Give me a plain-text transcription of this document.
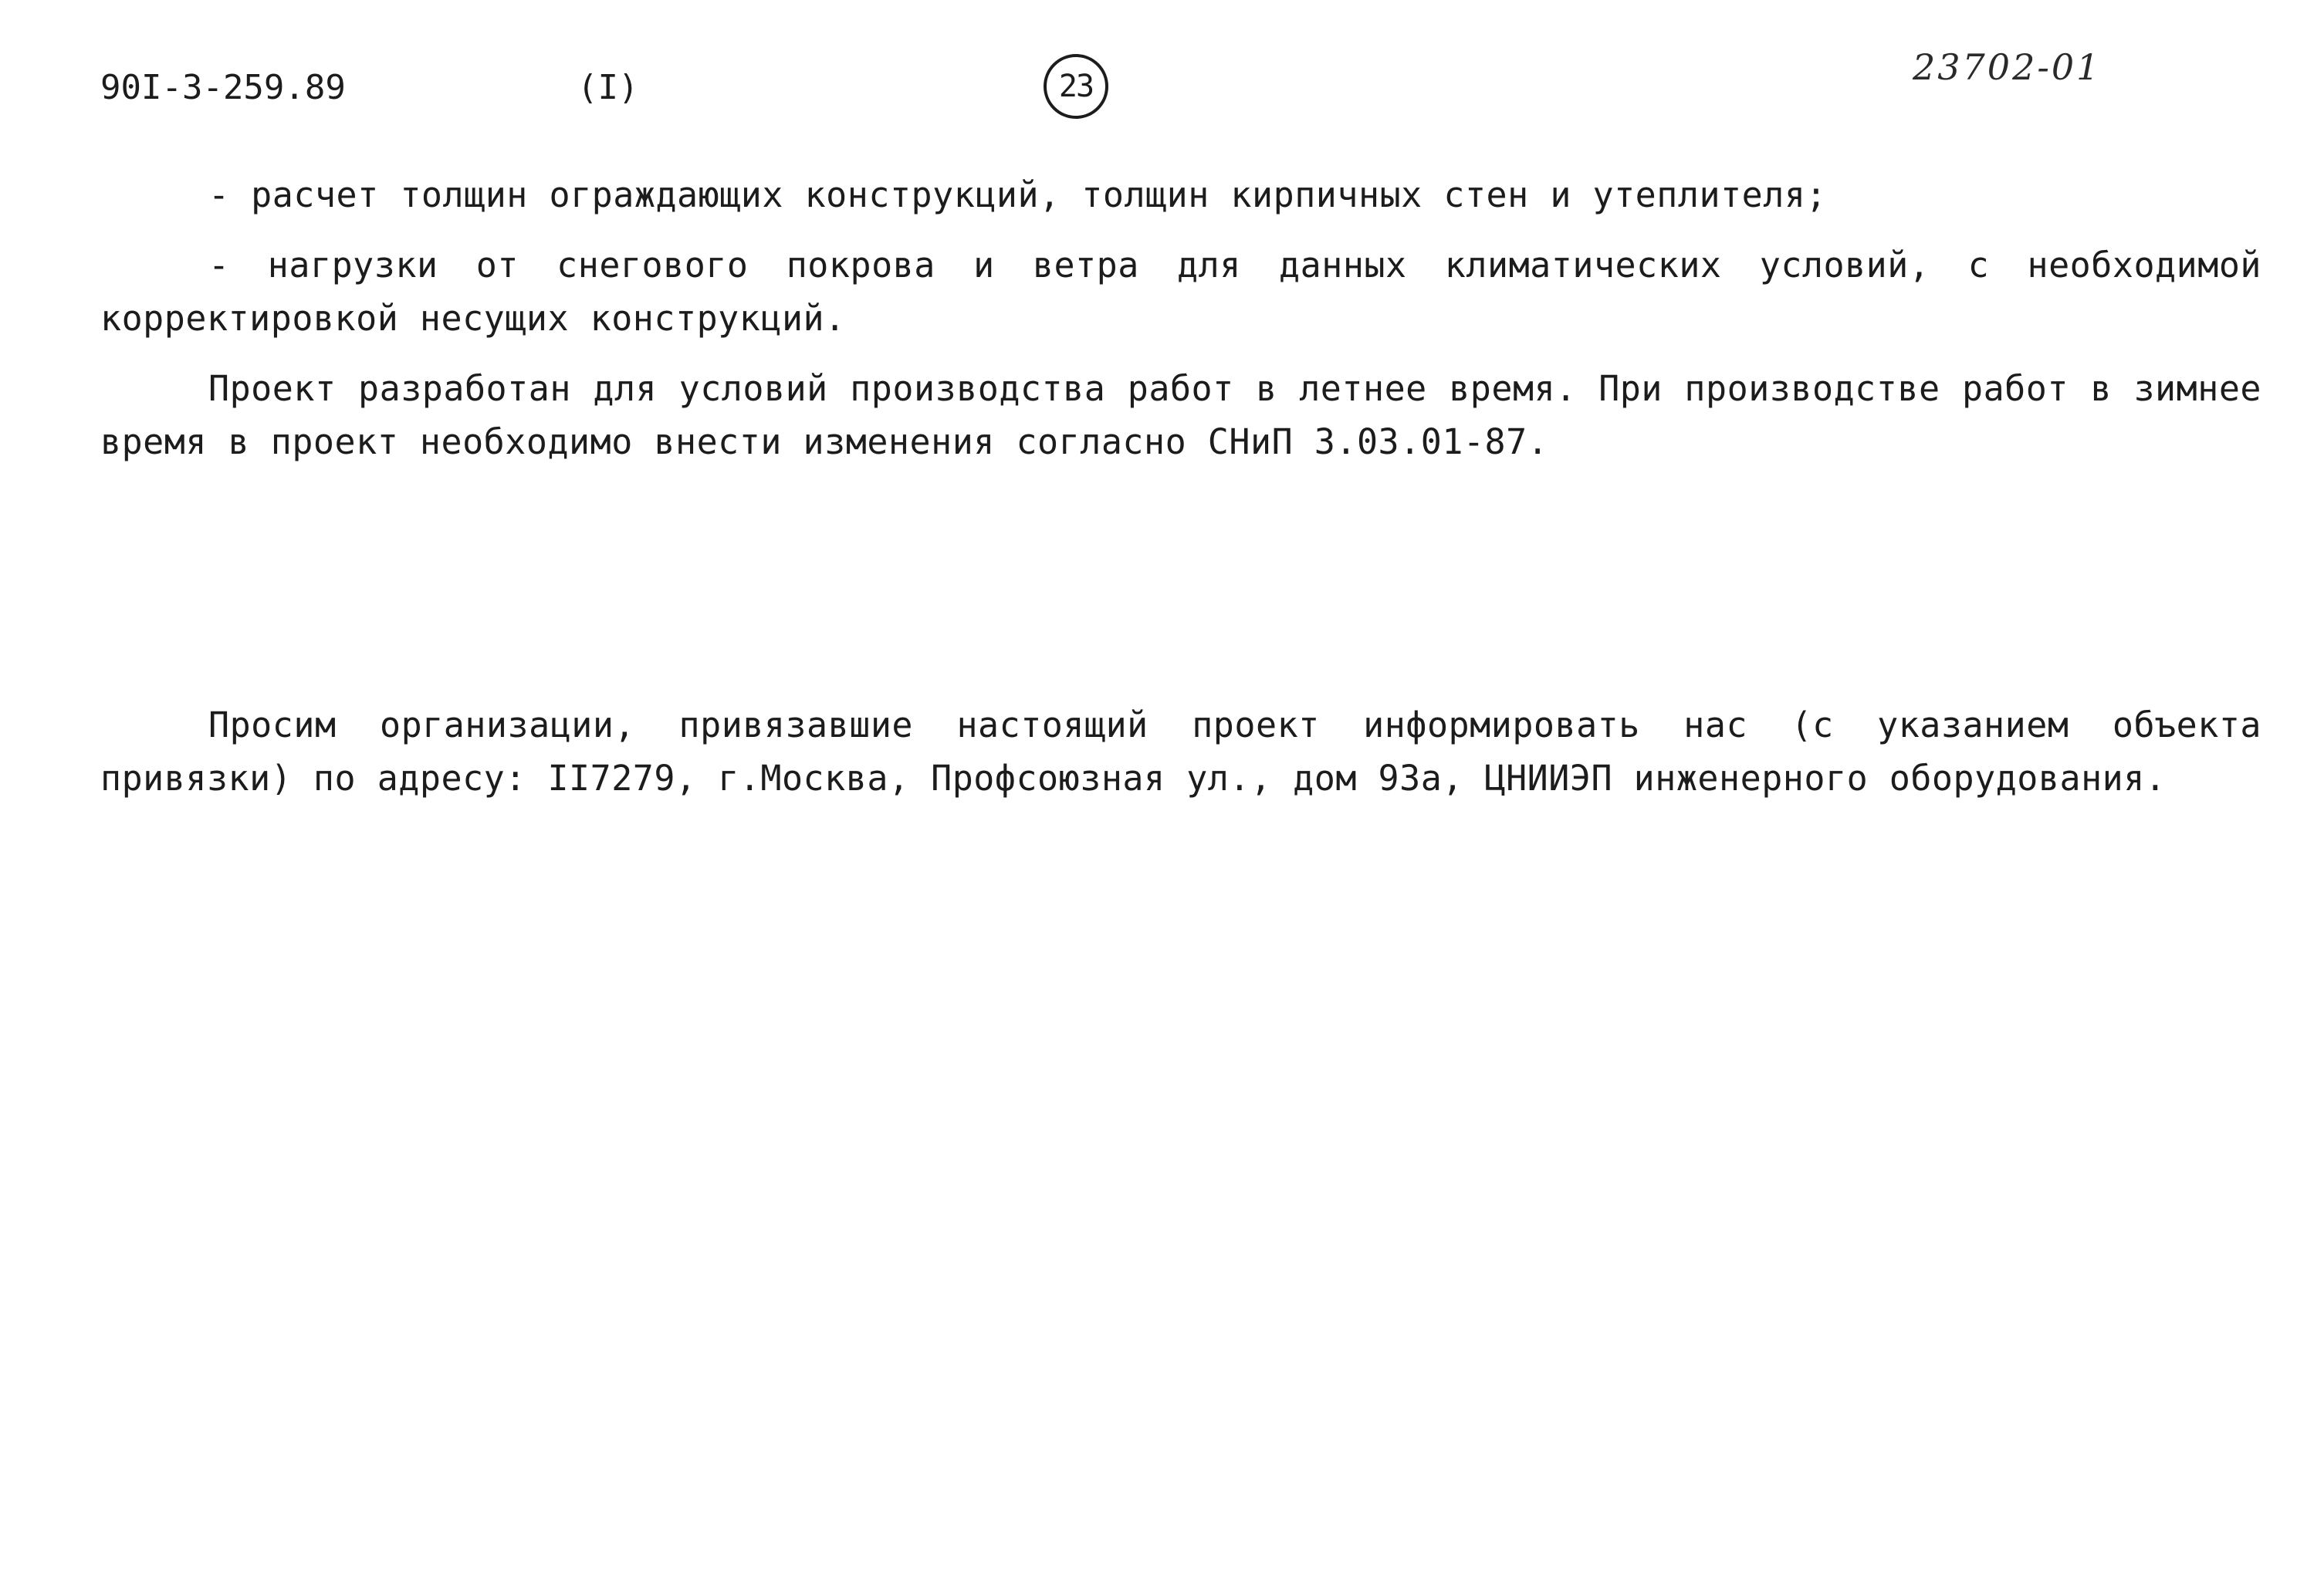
90I-3-259.89	(I)	23	23702-01

- расчет толщин ограждающих конструкций, толщин кирпичных стен и утеплителя;

- нагрузки от снегового покрова и ветра для данных климатических условий, с необходимой корректировкой несущих конструкций.

Проект разработан для условий производства работ в летнее время. При производстве работ в зимнее время в проект необходимо внести изменения согласно СНиП 3.03.01-87.

Просим организации, привязавшие настоящий проект информировать нас (с указанием объекта привязки) по адресу: II7279, г.Москва, Профсоюзная ул., дом 93а, ЦНИИЭП инженерного оборудования.
